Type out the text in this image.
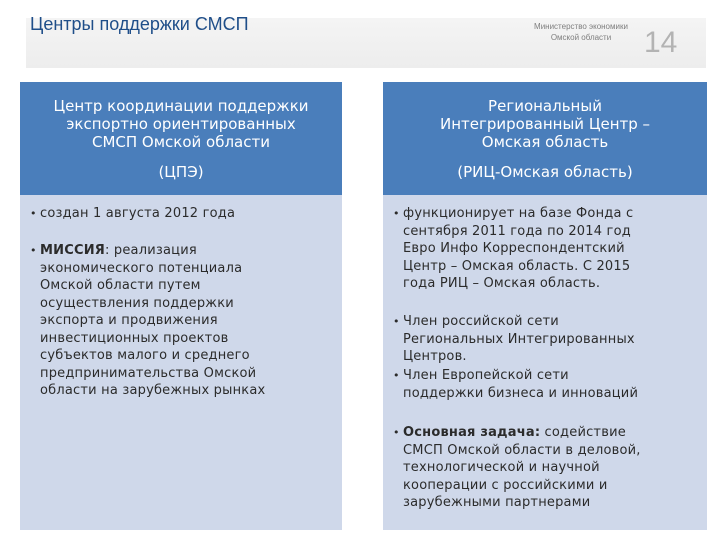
Центры поддержки СМСП	Министерство экономики Омской области	14
Центр координации поддержки
экспортно ориентированных
СМСП Омской области
(ЦПЭ)
• создан 1 августа 2012 года
• МИССИЯ: реализация
экономического потенциала
Омской области путем
осуществления поддержки
экспорта и продвижения
инвестиционных проектов
субъектов малого и среднего
предпринимательства Омской
области на зарубежных рынках
Региональный
Интегрированный Центр –
Омская область
(РИЦ-Омская область)
• функционирует на базе Фонда с
сентября 2011 года по 2014 год
Евро Инфо Корреспондентский
Центр – Омская область. С 2015
года РИЦ – Омская область.
• Член российской сети
Региональных Интегрированных
Центров.
• Член Европейской сети
поддержки бизнеса и инноваций
• Основная задача: содействие
СМСП Омской области в деловой,
технологической и научной
кооперации с российскими и
зарубежными партнерами
